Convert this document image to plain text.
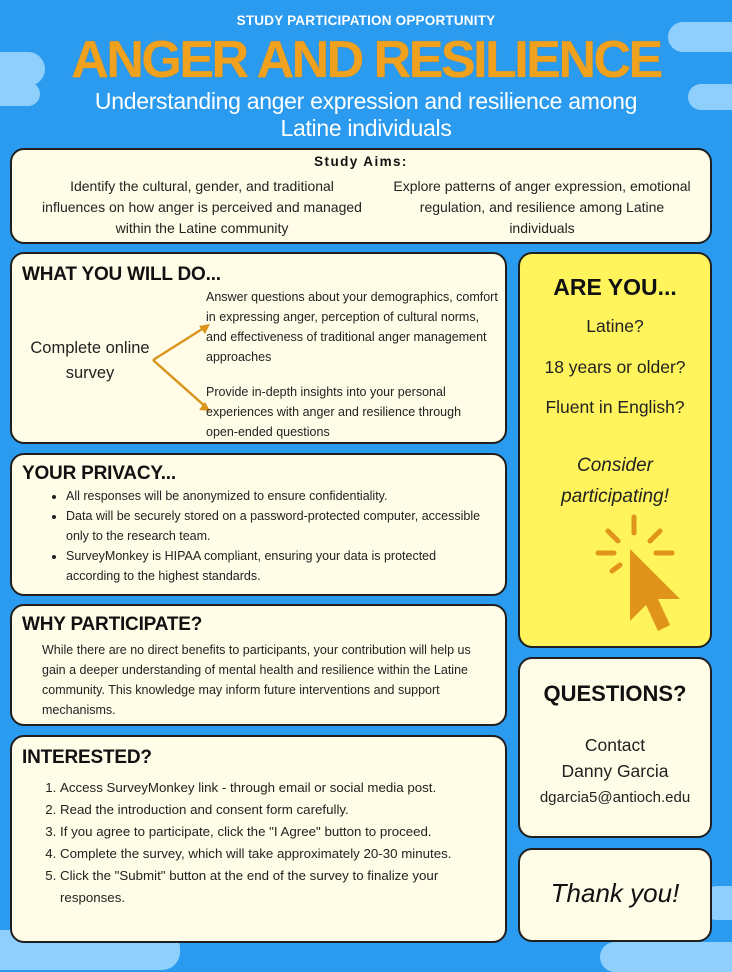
STUDY PARTICIPATION OPPORTUNITY
ANGER AND RESILIENCE
Understanding anger expression and resilience among Latine individuals
Study Aims:
Identify the cultural, gender, and traditional influences on how anger is perceived and managed within the Latine community
Explore patterns of anger expression, emotional regulation, and resilience among Latine individuals
WHAT YOU WILL DO...
Complete online survey
Answer questions about your demographics, comfort in expressing anger, perception of cultural norms, and effectiveness of traditional anger management approaches
Provide in-depth insights into your personal experiences with anger and resilience through open-ended questions
YOUR PRIVACY...
• All responses will be anonymized to ensure confidentiality.
• Data will be securely stored on a password-protected computer, accessible only to the research team.
• SurveyMonkey is HIPAA compliant, ensuring your data is protected according to the highest standards.
WHY PARTICIPATE?
While there are no direct benefits to participants, your contribution will help us gain a deeper understanding of mental health and resilience within the Latine community. This knowledge may inform future interventions and support mechanisms.
INTERESTED?
1. Access SurveyMonkey link - through email or social media post.
2. Read the introduction and consent form carefully.
3. If you agree to participate, click the "I Agree" button to proceed.
4. Complete the survey, which will take approximately 20-30 minutes.
5. Click the "Submit" button at the end of the survey to finalize your responses.
ARE YOU...
Latine?
18 years or older?
Fluent in English?
Consider participating!
QUESTIONS?
Contact
Danny Garcia
dgarcia5@antioch.edu
Thank you!
